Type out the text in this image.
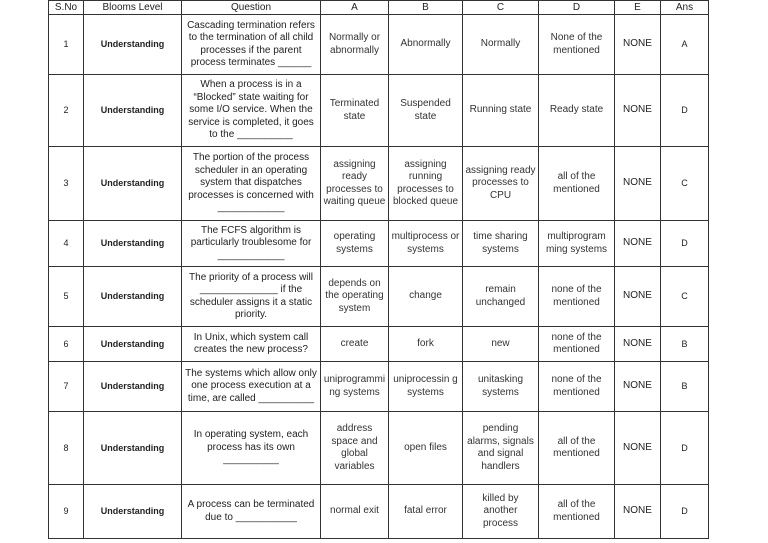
S.No	Blooms Level	Question	A	B	C	D	E	Ans
1	Understanding	Cascading termination refers to the termination of all child processes if the parent process terminates ______	Normally or abnormally	Abnormally	Normally	None of the mentioned	NONE	A
2	Understanding	When a process is in a “Blocked” state waiting for some I/O service. When the service is completed, it goes to the __________	Terminated state	Suspended state	Running state	Ready state	NONE	D
3	Understanding	The portion of the process scheduler in an operating system that dispatches processes is concerned with ____________	assigning ready processes to waiting queue	assigning running processes to blocked queue	assigning ready processes to CPU	all of the mentioned	NONE	C
4	Understanding	The FCFS algorithm is particularly troublesome for ____________	operating systems	multiprocess or systems	time sharing systems	multiprogram ming systems	NONE	D
5	Understanding	The priority of a process will ______________ if the scheduler assigns it a static priority.	depends on the operating system	change	remain unchanged	none of the mentioned	NONE	C
6	Understanding	In Unix, which system call creates the new process?	create	fork	new	none of the mentioned	NONE	B
7	Understanding	The systems which allow only one process execution at a time, are called __________	uniprogrammi ng systems	uniprocessin g systems	unitasking systems	none of the mentioned	NONE	B
8	Understanding	In operating system, each process has its own __________	address space and global variables	open files	pending alarms, signals and signal handlers	all of the mentioned	NONE	D
9	Understanding	A process can be terminated due to ___________	normal exit	fatal error	killed by another process	all of the mentioned	NONE	D
